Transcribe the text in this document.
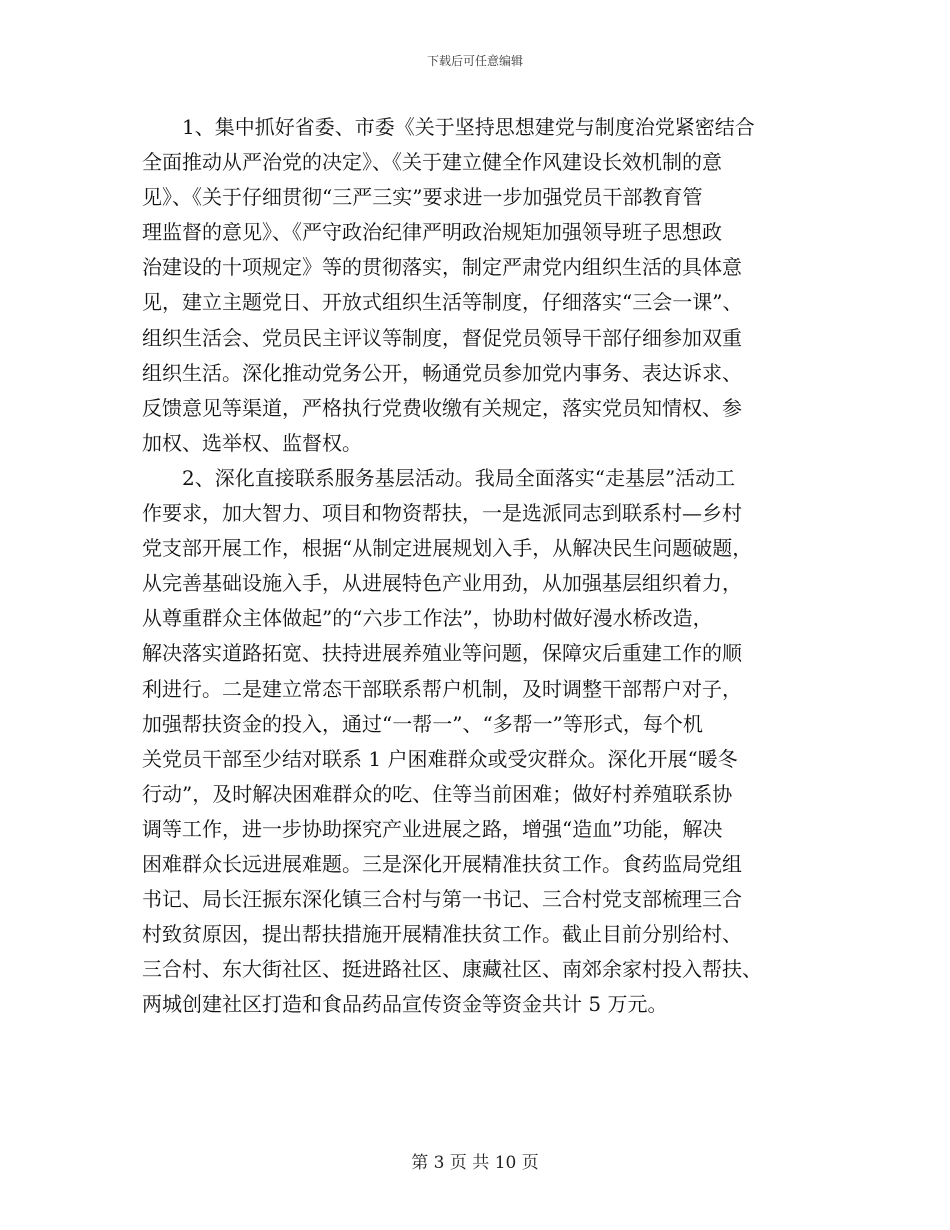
下载后可任意编辑
1、集中抓好省委、市委《关于坚持思想建党与制度治党紧密结合
全面推动从严治党的决定》、《关于建立健全作风建设长效机制的意
见》、《关于仔细贯彻“三严三实”要求进一步加强党员干部教育管
理监督的意见》、《严守政治纪律严明政治规矩加强领导班子思想政
治建设的十项规定》等的贯彻落实，制定严肃党内组织生活的具体意
见，建立主题党日、开放式组织生活等制度，仔细落实“三会一课”、
组织生活会、党员民主评议等制度，督促党员领导干部仔细参加双重
组织生活。深化推动党务公开，畅通党员参加党内事务、表达诉求、
反馈意见等渠道，严格执行党费收缴有关规定，落实党员知情权、参
加权、选举权、监督权。
2、深化直接联系服务基层活动。我局全面落实“走基层”活动工
作要求，加大智力、项目和物资帮扶，一是选派同志到联系村—乡村
党支部开展工作，根据“从制定进展规划入手，从解决民生问题破题，
从完善基础设施入手，从进展特色产业用劲，从加强基层组织着力，
从尊重群众主体做起”的“六步工作法”，协助村做好漫水桥改造，
解决落实道路拓宽、扶持进展养殖业等问题，保障灾后重建工作的顺
利进行。二是建立常态干部联系帮户机制，及时调整干部帮户对子，
加强帮扶资金的投入，通过“一帮一”、“多帮一”等形式，每个机
关党员干部至少结对联系 1 户困难群众或受灾群众。深化开展“暖冬
行动”，及时解决困难群众的吃、住等当前困难；做好村养殖联系协
调等工作，进一步协助探究产业进展之路，增强“造血”功能，解决
困难群众长远进展难题。三是深化开展精准扶贫工作。食药监局党组
书记、局长汪振东深化镇三合村与第一书记、三合村党支部梳理三合
村致贫原因，提出帮扶措施开展精准扶贫工作。截止目前分别给村、
三合村、东大街社区、挺进路社区、康藏社区、南郊余家村投入帮扶、
两城创建社区打造和食品药品宣传资金等资金共计 5 万元。
第 3 页 共 10 页
